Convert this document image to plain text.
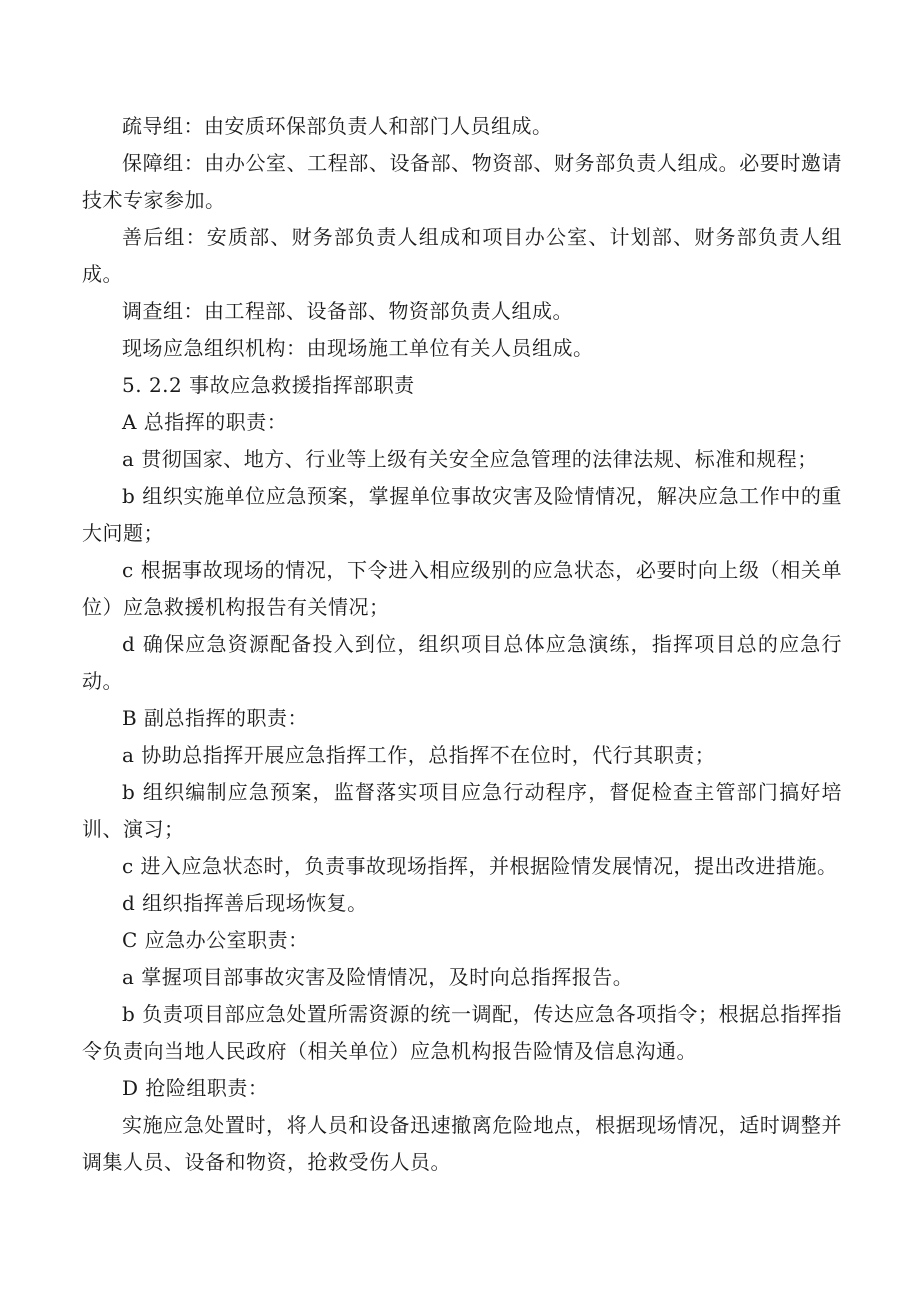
疏导组：由安质环保部负责人和部门人员组成。

保障组：由办公室、工程部、设备部、物资部、财务部负责人组成。必要时邀请技术专家参加。

善后组：安质部、财务部负责人组成和项目办公室、计划部、财务部负责人组成。

调查组：由工程部、设备部、物资部负责人组成。

现场应急组织机构：由现场施工单位有关人员组成。

5. 2.2 事故应急救援指挥部职责

A 总指挥的职责：

a 贯彻国家、地方、行业等上级有关安全应急管理的法律法规、标准和规程；

b 组织实施单位应急预案，掌握单位事故灾害及险情情况，解决应急工作中的重大问题；

c 根据事故现场的情况，下令进入相应级别的应急状态，必要时向上级（相关单位）应急救援机构报告有关情况；

d 确保应急资源配备投入到位，组织项目总体应急演练，指挥项目总的应急行动。

B 副总指挥的职责：

a 协助总指挥开展应急指挥工作，总指挥不在位时，代行其职责；

b 组织编制应急预案，监督落实项目应急行动程序，督促检查主管部门搞好培训、演习；

c 进入应急状态时，负责事故现场指挥，并根据险情发展情况，提出改进措施。

d 组织指挥善后现场恢复。

C 应急办公室职责：

a 掌握项目部事故灾害及险情情况，及时向总指挥报告。

b 负责项目部应急处置所需资源的统一调配，传达应急各项指令；根据总指挥指令负责向当地人民政府（相关单位）应急机构报告险情及信息沟通。

D 抢险组职责：

实施应急处置时，将人员和设备迅速撤离危险地点，根据现场情况，适时调整并调集人员、设备和物资，抢救受伤人员。
